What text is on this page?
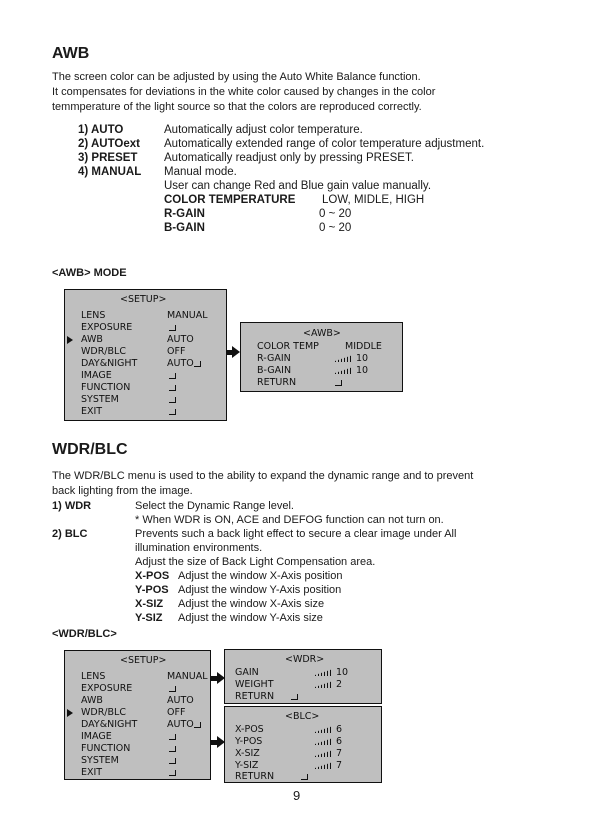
AWB
The screen color can be adjusted by using the Auto White Balance function.
It compensates for deviations in the white color caused by changes in the color
temmperature of the light source so that the colors are reproduced correctly.
1) AUTO	Automatically adjust color temperature.
2) AUTOext Automatically extended range of color temperature adjustment.
3) PRESET Automatically readjust only by pressing PRESET.
4) MANUAL Manual mode.
User can change Red and Blue gain value manually.
COLOR TEMPERATURE LOW, MIDLE, HIGH
R-GAIN	0 ~ 20
B-GAIN	0 ~ 20
<AWB> MODE
<SETUP>
LENS	MANUAL
EXPOSURE
AWB	AUTO
WDR/BLC	OFF
DAY&NIGHT	AUTO
IMAGE
FUNCTION
SYSTEM
EXIT
<AWB>
COLOR TEMP	MIDDLE
R-GAIN	10
B-GAIN	10
RETURN
WDR/BLC
The WDR/BLC menu is used to the ability to expand the dynamic range and to prevent
back lighting from the image.
1) WDR	Select the Dynamic Range level.
* When WDR is ON, ACE and DEFOG function can not turn on.
2) BLC	Prevents such a back light effect to secure a clear image under All
illumination environments.
Adjust the size of Back Light Compensation area.
X-POS Adjust the window X-Axis position
Y-POS Adjust the window Y-Axis position
X-SIZ Adjust the window X-Axis size
Y-SIZ Adjust the window Y-Axis size
<WDR/BLC>
<SETUP>
LENS	MANUAL
EXPOSURE
AWB	AUTO
WDR/BLC	OFF
DAY&NIGHT	AUTO
IMAGE
FUNCTION
SYSTEM
EXIT
<WDR>
GAIN	10
WEIGHT	2
RETURN
<BLC>
X-POS	6
Y-POS	6
X-SIZ	7
Y-SIZ	7
RETURN
9
